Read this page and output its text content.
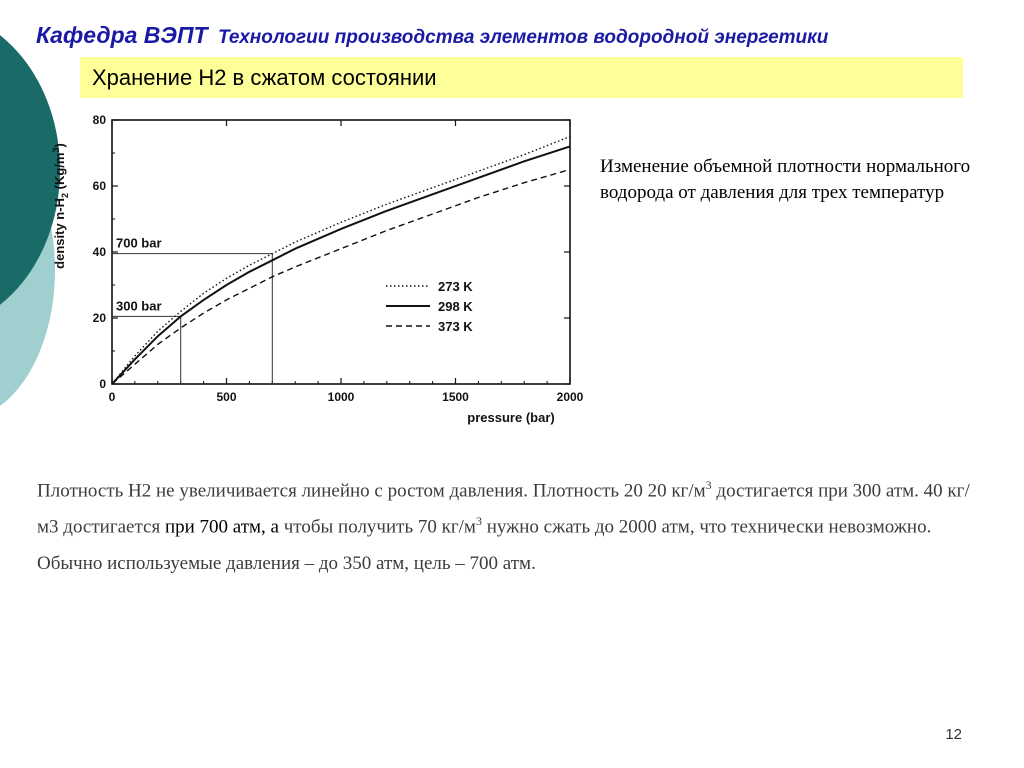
Кафедра ВЭПТ Технологии производства элементов водородной энергетики
Хранение H2 в сжатом состоянии
density $n-H_2$ $(Kg/m^3)$
pressure (bar)
0
20
40
60
80
0	500	1000	1500	2000
700 bar
300 bar
273 K
298 K
373 K
Изменение объемной плотности нормального водорода от давления для трех температур

Плотность Н2 не увеличивается линейно с ростом давления. Плотность 20 20 $кг/м^3$ достигается при 300 атм. 40 кг/м3 достигается при 700 атм, а чтобы получить 70 $кг/м^3$ нужно сжать до 2000 атм, что технически невозможно.

Обычно используемые давления – до 350 атм, цель – 700 атм.

12
